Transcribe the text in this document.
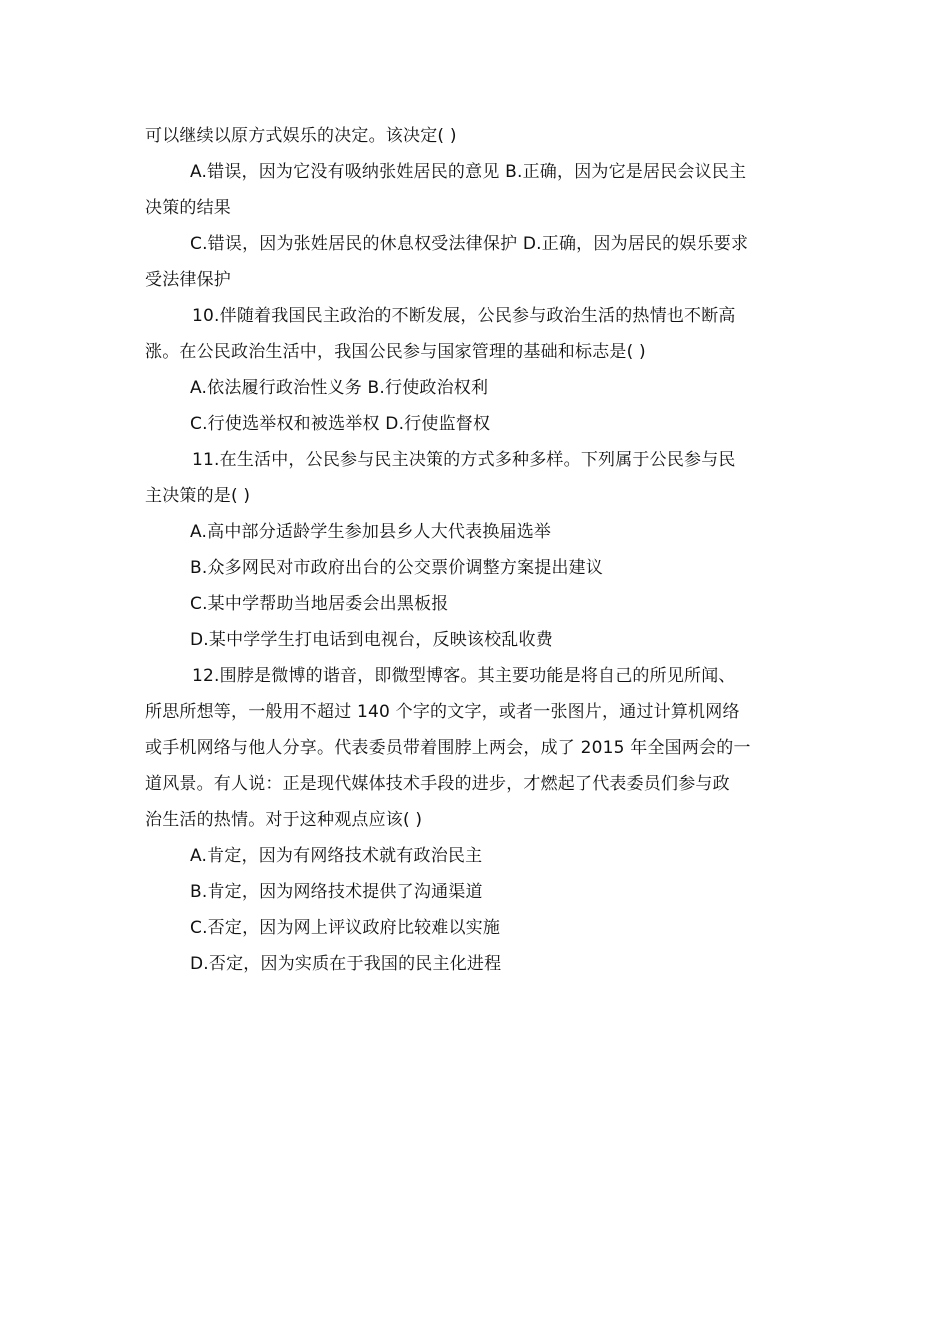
可以继续以原方式娱乐的决定。该决定( )
A.错误，因为它没有吸纳张姓居民的意见 B.正确，因为它是居民会议民主
决策的结果
C.错误，因为张姓居民的休息权受法律保护 D.正确，因为居民的娱乐要求
受法律保护
10.伴随着我国民主政治的不断发展，公民参与政治生活的热情也不断高
涨。在公民政治生活中，我国公民参与国家管理的基础和标志是( )
A.依法履行政治性义务 B.行使政治权利
C.行使选举权和被选举权 D.行使监督权
11.在生活中，公民参与民主决策的方式多种多样。下列属于公民参与民
主决策的是( )
A.高中部分适龄学生参加县乡人大代表换届选举
B.众多网民对市政府出台的公交票价调整方案提出建议
C.某中学帮助当地居委会出黑板报
D.某中学学生打电话到电视台，反映该校乱收费
12.围脖是微博的谐音，即微型博客。其主要功能是将自己的所见所闻、
所思所想等，一般用不超过 140 个字的文字，或者一张图片，通过计算机网络
或手机网络与他人分享。代表委员带着围脖上两会，成了 2015 年全国两会的一
道风景。有人说：正是现代媒体技术手段的进步，才燃起了代表委员们参与政
治生活的热情。对于这种观点应该( )
A.肯定，因为有网络技术就有政治民主
B.肯定，因为网络技术提供了沟通渠道
C.否定，因为网上评议政府比较难以实施
D.否定，因为实质在于我国的民主化进程
